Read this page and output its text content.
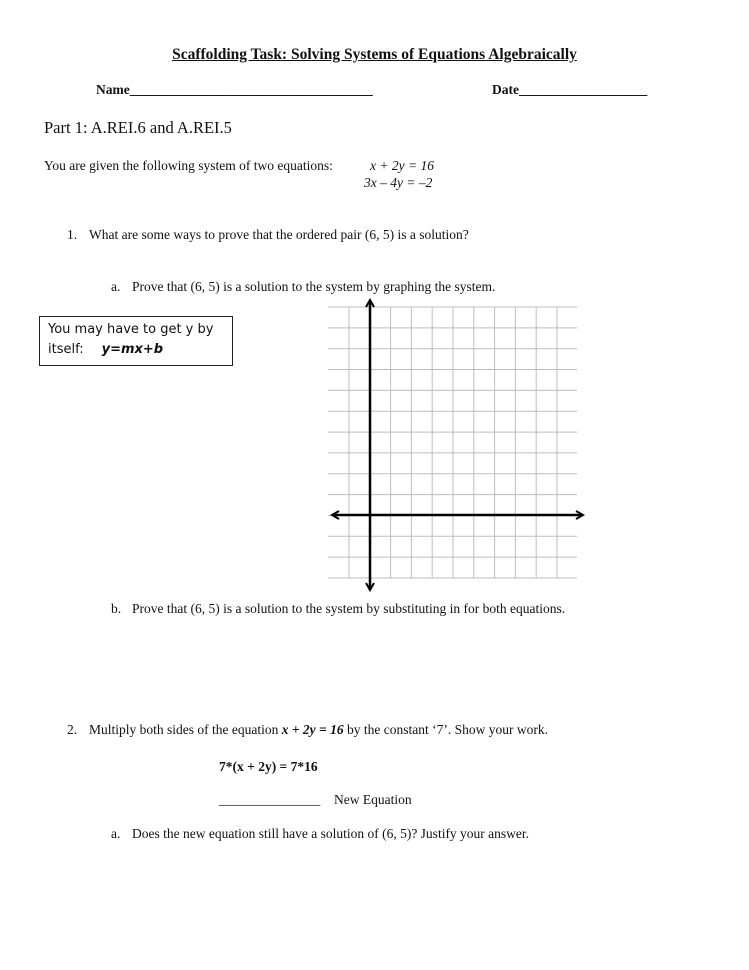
Scaffolding Task: Solving Systems of Equations Algebraically
Name____________________________________	Date___________________
Part 1: A.REI.6 and A.REI.5
You are given the following system of two equations:	x + 2y = 16
3x – 4y = –2
1. What are some ways to prove that the ordered pair (6, 5) is a solution?
a. Prove that (6, 5) is a solution to the system by graphing the system.
You may have to get y by
itself: y=mx+b
b. Prove that (6, 5) is a solution to the system by substituting in for both equations.
2. Multiply both sides of the equation x + 2y = 16 by the constant ‘7’. Show your work.
7*(x + 2y) = 7*16
_______________ New Equation
a. Does the new equation still have a solution of (6, 5)? Justify your answer.
